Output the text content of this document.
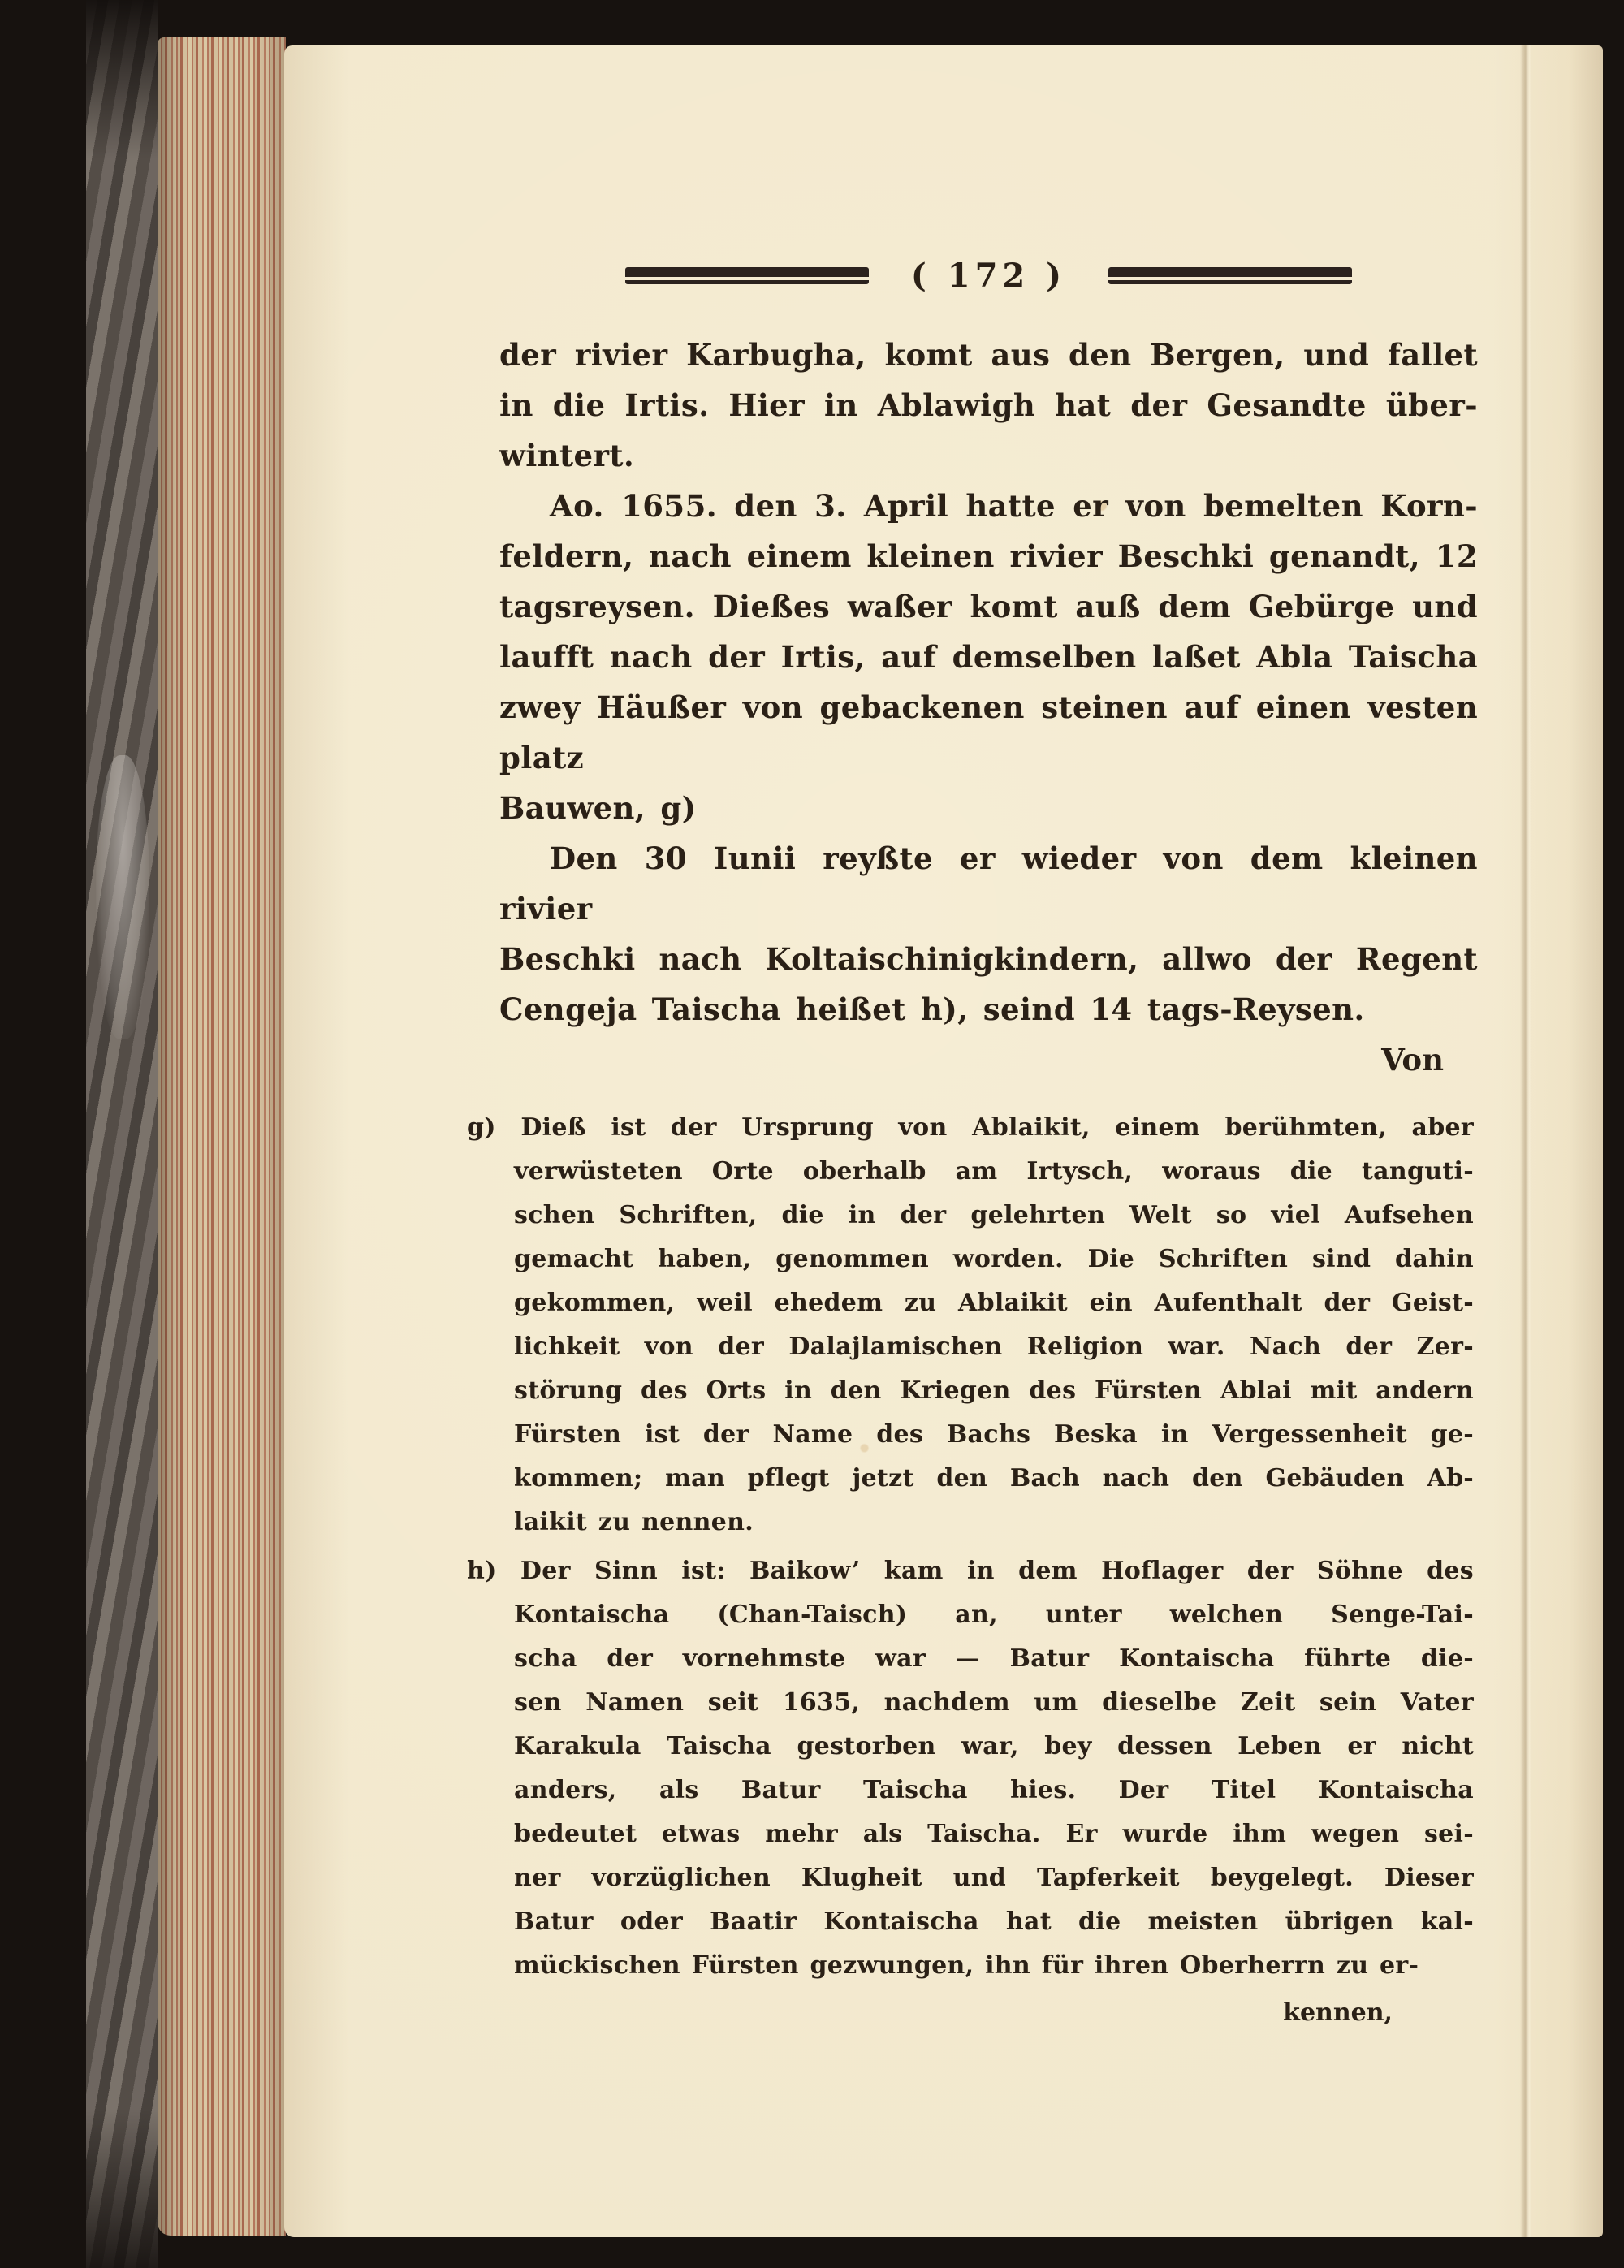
( 172 )
der rivier Karbugha, komt aus den Bergen, und fallet
in die Irtis. Hier in Ablawigh hat der Gesandte über-
wintert.
Ao. 1655. den 3. April hatte er von bemelten Korn-
feldern, nach einem kleinen rivier Beschki genandt, 12
tagsreysen. Dießes waßer komt auß dem Gebürge und
laufft nach der Irtis, auf demselben laßet Abla Taischa
zwey Häußer von gebackenen steinen auf einen vesten platz
Bauwen, g)
Den 30 Iunii reyßte er wieder von dem kleinen rivier
Beschki nach Koltaischinigkindern, allwo der Regent
Cengeja Taischa heißet h), seind 14 tags-Reysen.
Von
g) Dieß ist der Ursprung von Ablaikit, einem berühmten, aber
verwüsteten Orte oberhalb am Irtysch, woraus die tanguti-
schen Schriften, die in der gelehrten Welt so viel Aufsehen
gemacht haben, genommen worden. Die Schriften sind dahin
gekommen, weil ehedem zu Ablaikit ein Aufenthalt der Geist-
lichkeit von der Dalajlamischen Religion war. Nach der Zer-
störung des Orts in den Kriegen des Fürsten Ablai mit andern
Fürsten ist der Name des Bachs Beska in Vergessenheit ge-
kommen; man pflegt jetzt den Bach nach den Gebäuden Ab-
laikit zu nennen.
h) Der Sinn ist: Baikow’ kam in dem Hoflager der Söhne des
Kontaischa (Chan-Taisch) an, unter welchen Senge-Tai-
scha der vornehmste war — Batur Kontaischa führte die-
sen Namen seit 1635, nachdem um dieselbe Zeit sein Vater
Karakula Taischa gestorben war, bey dessen Leben er nicht
anders, als Batur Taischa hies. Der Titel Kontaischa
bedeutet etwas mehr als Taischa. Er wurde ihm wegen sei-
ner vorzüglichen Klugheit und Tapferkeit beygelegt. Dieser
Batur oder Baatir Kontaischa hat die meisten übrigen kal-
mückischen Fürsten gezwungen, ihn für ihren Oberherrn zu er-
kennen,
